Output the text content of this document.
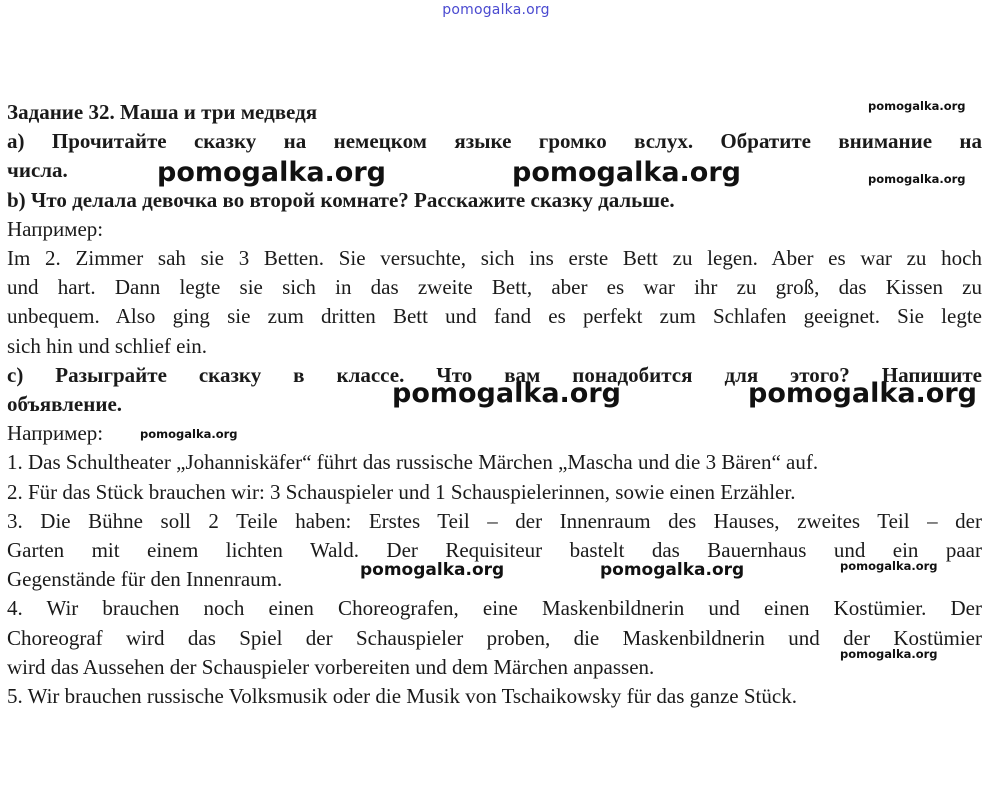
pomogalka.org
Задание 32. Маша и три медведя
a) Прочитайте сказку на немецком языке громко вслух. Обратите внимание на
числа.
b) Что делала девочка во второй комнате? Расскажите сказку дальше.
Например:
Im 2. Zimmer sah sie 3 Betten. Sie versuchte, sich ins erste Bett zu legen. Aber es war zu hoch
und hart. Dann legte sie sich in das zweite Bett, aber es war ihr zu groß, das Kissen zu
unbequem. Also ging sie zum dritten Bett und fand es perfekt zum Schlafen geeignet. Sie legte
sich hin und schlief ein.
c) Разыграйте сказку в классе. Что вам понадобится для этого? Напишите
объявление.
Например:
1. Das Schultheater „Johanniskäfer“ führt das russische Märchen „Mascha und die 3 Bären“ auf.
2. Für das Stück brauchen wir: 3 Schauspieler und 1 Schauspielerinnen, sowie einen Erzähler.
3. Die Bühne soll 2 Teile haben: Erstes Teil – der Innenraum des Hauses, zweites Teil – der
Garten mit einem lichten Wald. Der Requisiteur bastelt das Bauernhaus und ein paar
Gegenstände für den Innenraum.
4. Wir brauchen noch einen Choreografen, eine Maskenbildnerin und einen Kostümier. Der
Choreograf wird das Spiel der Schauspieler proben, die Maskenbildnerin und der Kostümier
wird das Aussehen der Schauspieler vorbereiten und dem Märchen anpassen.
5. Wir brauchen russische Volksmusik oder die Musik von Tschaikowsky für das ganze Stück.
pomogalka.org
pomogalka.org	pomogalka.org	pomogalka.org
pomogalka.org	pomogalka.org
pomogalka.org
pomogalka.org	pomogalka.org	pomogalka.org
pomogalka.org
